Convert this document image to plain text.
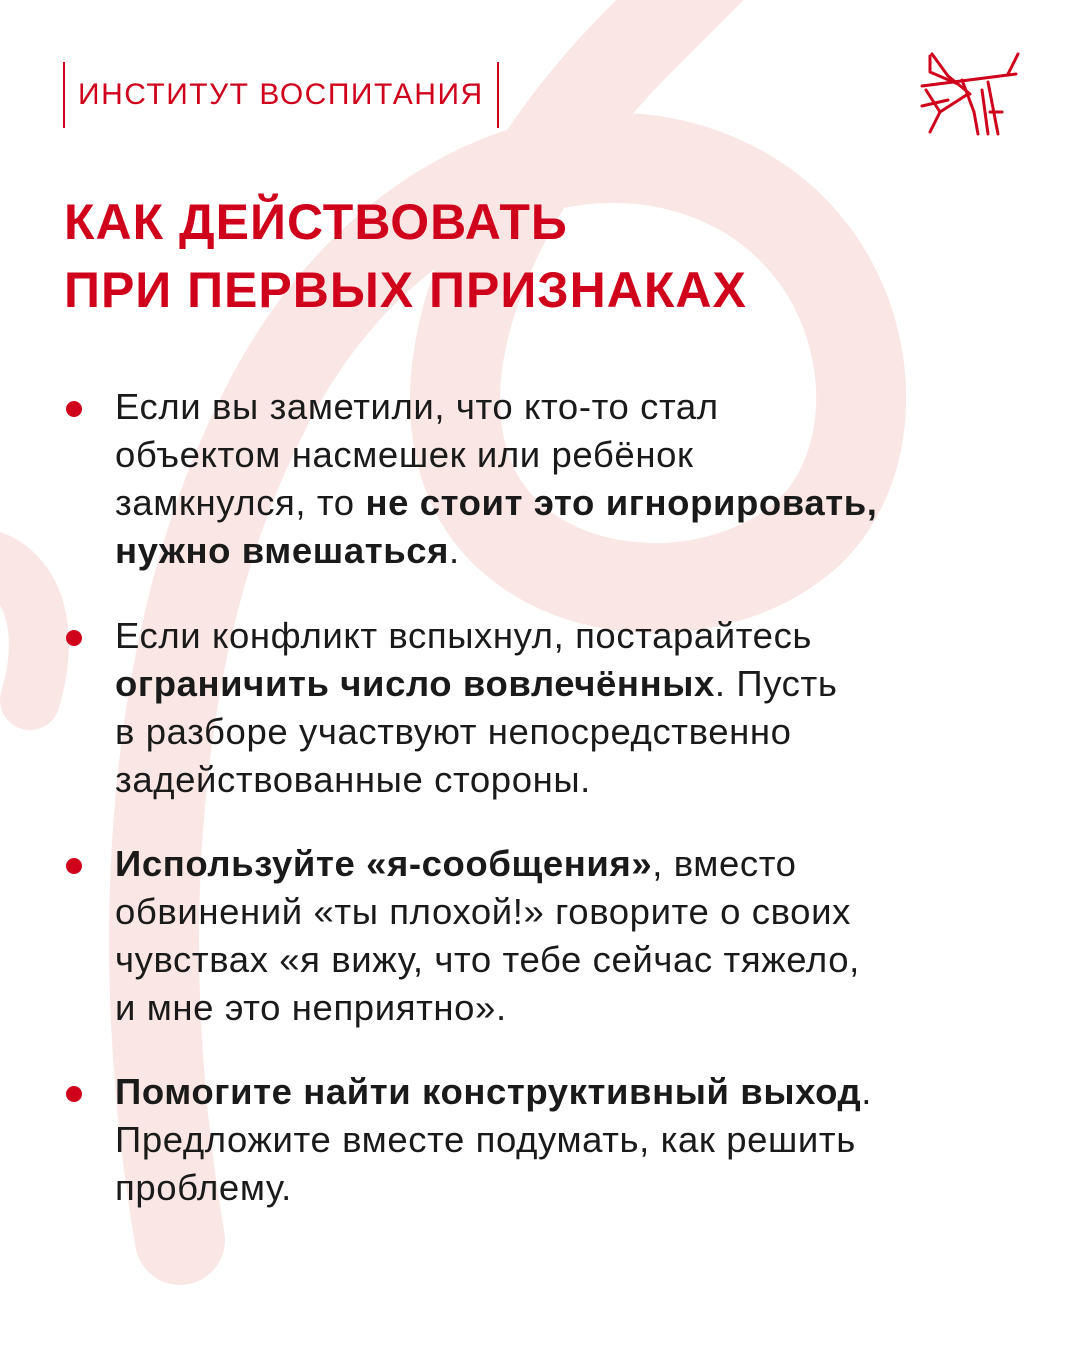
ИНСТИТУТ ВОСПИТАНИЯ
КАК ДЕЙСТВОВАТЬ
ПРИ ПЕРВЫХ ПРИЗНАКАХ

Если вы заметили, что кто-то стал
объектом насмешек или ребёнок
замкнулся, то не стоит это игнорировать,
нужно вмешаться.

Если конфликт вспыхнул, постарайтесь
ограничить число вовлечённых. Пусть
в разборе участвуют непосредственно
задействованные стороны.

Используйте «я-сообщения», вместо
обвинений «ты плохой!» говорите о своих
чувствах «я вижу, что тебе сейчас тяжело,
и мне это неприятно».

Помогите найти конструктивный выход.
Предложите вместе подумать, как решить
проблему.
